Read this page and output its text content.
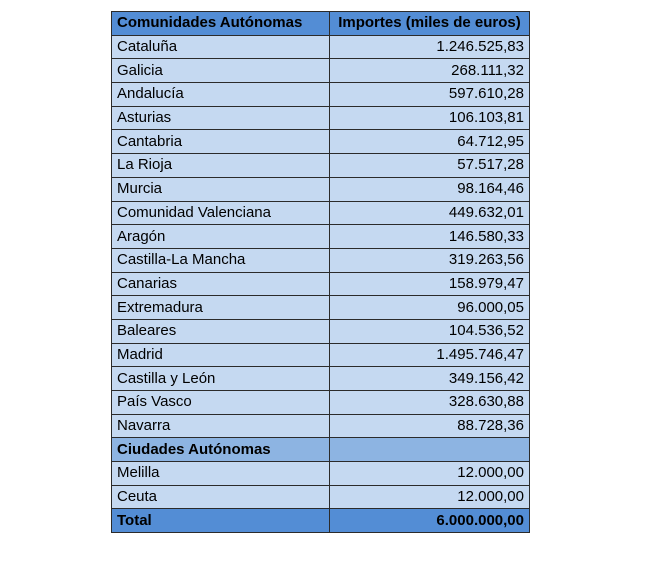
Comunidades Autónomas	Importes (miles de euros)
Cataluña	1.246.525,83
Galicia	268.111,32
Andalucía	597.610,28
Asturias	106.103,81
Cantabria	64.712,95
La Rioja	57.517,28
Murcia	98.164,46
Comunidad Valenciana	449.632,01
Aragón	146.580,33
Castilla-La Mancha	319.263,56
Canarias	158.979,47
Extremadura	96.000,05
Baleares	104.536,52
Madrid	1.495.746,47
Castilla y León	349.156,42
País Vasco	328.630,88
Navarra	88.728,36
Ciudades Autónomas	
Melilla	12.000,00
Ceuta	12.000,00
Total	6.000.000,00
